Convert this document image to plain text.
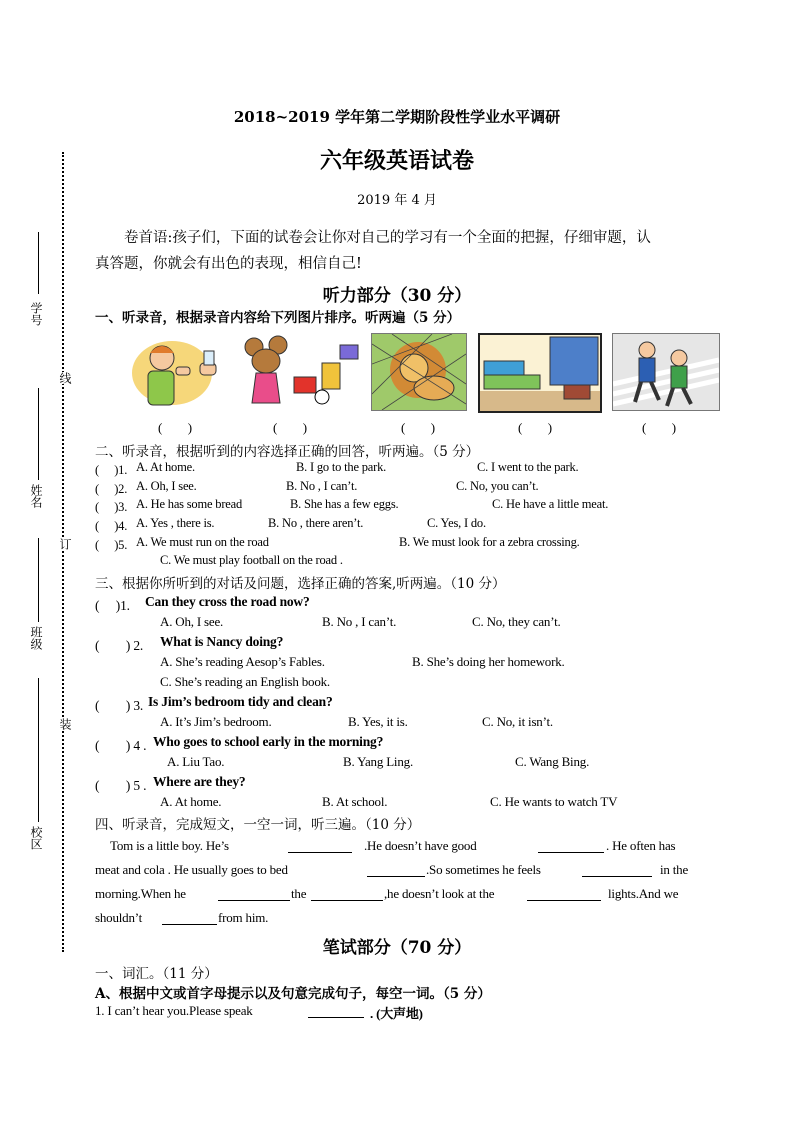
学号
姓名
班级
校区
线
订
装
2018~2019 学年第二学期阶段性学业水平调研
六年级英语试卷
2019 年 4 月
卷首语:孩子们，下面的试卷会让你对自己的学习有一个全面的把握，仔细审题，认
真答题，你就会有出色的表现，相信自己!
听力部分（30 分）
一、听录音，根据录音内容给下列图片排序。听两遍（5 分）
(　　)	(　　)	(　　)	(　　)	(　　)
二、听录音，根据听到的内容选择正确的回答，听两遍。（5 分）
(　 )1. A. At home.	B. I go to the park.	C. I went to the park.
(　 )2. A. Oh, I see.	B. No , I can’t.	C. No, you can’t.
(　 )3. A. He has some bread	B. She has a few eggs.	C. He have a little meat.
(　 )4. A. Yes , there is.	B. No , there aren’t.	C. Yes, I do.
(　 )5. A. We must run on the road	B. We must look for a zebra crossing.
C. We must play football on the road .
三、根据你所听到的对话及问题，选择正确的答案,听两遍。（10 分）
(　 )1. Can they cross the road now?
A. Oh, I see.	B. No , I can’t.	C. No, they can’t.
(　　) 2. What is Nancy doing?
A. She’s reading Aesop’s Fables.	B. She’s doing her homework.
C. She’s reading an English book.
(　　) 3. Is Jim’s bedroom tidy and clean?
A. It’s Jim’s bedroom.	B. Yes, it is.	C. No, it isn’t.
(　　) 4 . Who goes to school early in the morning?
A. Liu Tao.	B. Yang Ling.	C. Wang Bing.
(　　) 5 . Where are they?
A. At home.	B. At school.	C. He wants to watch TV
四、听录音，完成短文，一空一词，听三遍。（10 分）
Tom is a little boy. He’s	.He doesn’t have good	. He often has
meat and cola . He usually goes to bed	.So sometimes he feels	in the
morning.When he	the	,he doesn’t look at the	lights.And we
shouldn’t	from him.
笔试部分（70 分）
一、词汇。（11 分）
A、根据中文或首字母提示以及句意完成句子，每空一词。（5 分）
1. I can’t hear you.Please speak	. (大声地)
